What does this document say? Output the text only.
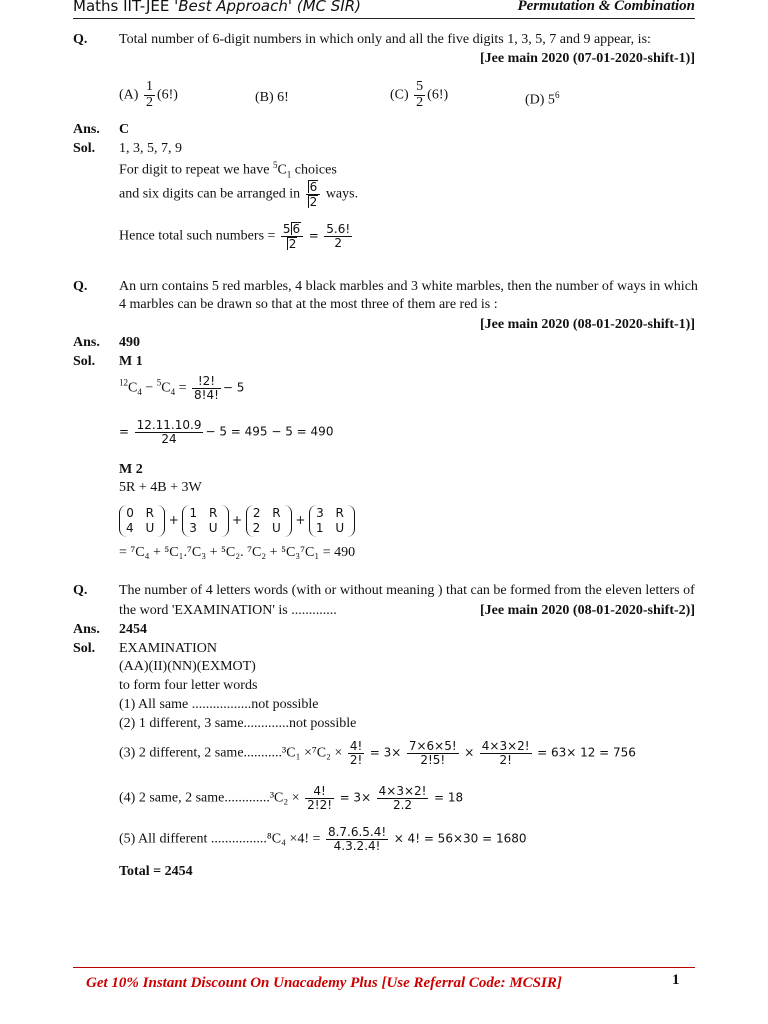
Maths IIT-JEE 'Best Approach' (MC SIR)	Permutation & Combination
Q. Total number of 6-digit numbers in which only and all the five digits 1, 3, 5, 7 and 9 appear, is:
[Jee main 2020 (07-01-2020-shift-1)]
$(A) \frac{1}{2} (6!)$	(B) 6!	$(C) \frac{5}{2} (6!)$	(D) $5^6$
Ans. C
Sol. 1, 3, 5, 7, 9
For digit to repeat we have $^5C_1$ choices
and six digits can be arranged in $\frac{6}{2}$ ways.
Hence total such numbers = $\frac{5 6}{2} = \frac{5.6!}{2}$
Q. An urn contains 5 red marbles, 4 black marbles and 3 white marbles, then the number of ways in which
4 marbles can be drawn so that at the most three of them are red is :
[Jee main 2020 (08-01-2020-shift-1)]
Ans. 490
Sol. M 1
$^{12}C_4 - ^5C_4 = \frac{!2!}{8!4!} - 5$
= $\frac{12.11.10.9}{24} - 5 = 495 - 5 = 490$
M 2
5R + 4B + 3W
0 R
4 U + 1 R
3 U + 2 R
2 U + 3 R
1 U
= ⁷C₄ + ⁵C₁.⁷C₃ + ⁵C₂. ⁷C₂ + ⁵C₃⁷C₁ = 490
Q. The number of 4 letters words (with or without meaning ) that can be formed from the eleven letters of
the word 'EXAMINATION' is .............	[Jee main 2020 (08-01-2020-shift-2)]
Ans. 2454
Sol. EXAMINATION
(AA)(II)(NN)(EXMOT)
to form four letter words
(1) All same .................not possible
(2) 1 different, 3 same.............not possible
(3) 2 different, 2 same...........³C₁ $\times^7C_2 \times \frac{4!}{2!} = 3\times \frac{7\times 6\times 5!}{2!5!} \times \frac{4\times 3\times 2!}{2!} = 63\times 12 = 756$
(4) 2 same, 2 same.............³C₂ × $\frac{4!}{2!2!} = 3\times \frac{4\times 3\times 2!}{2.2} = 18$
(5) All different ................⁸C₄ ×4! = $\frac{8.7.6.5.4!}{4.3.2.4!} \times 4$! = 56×30 = 1680
Total = 2454
Get 10% Instant Discount On Unacademy Plus [Use Referral Code: MCSIR]	1
